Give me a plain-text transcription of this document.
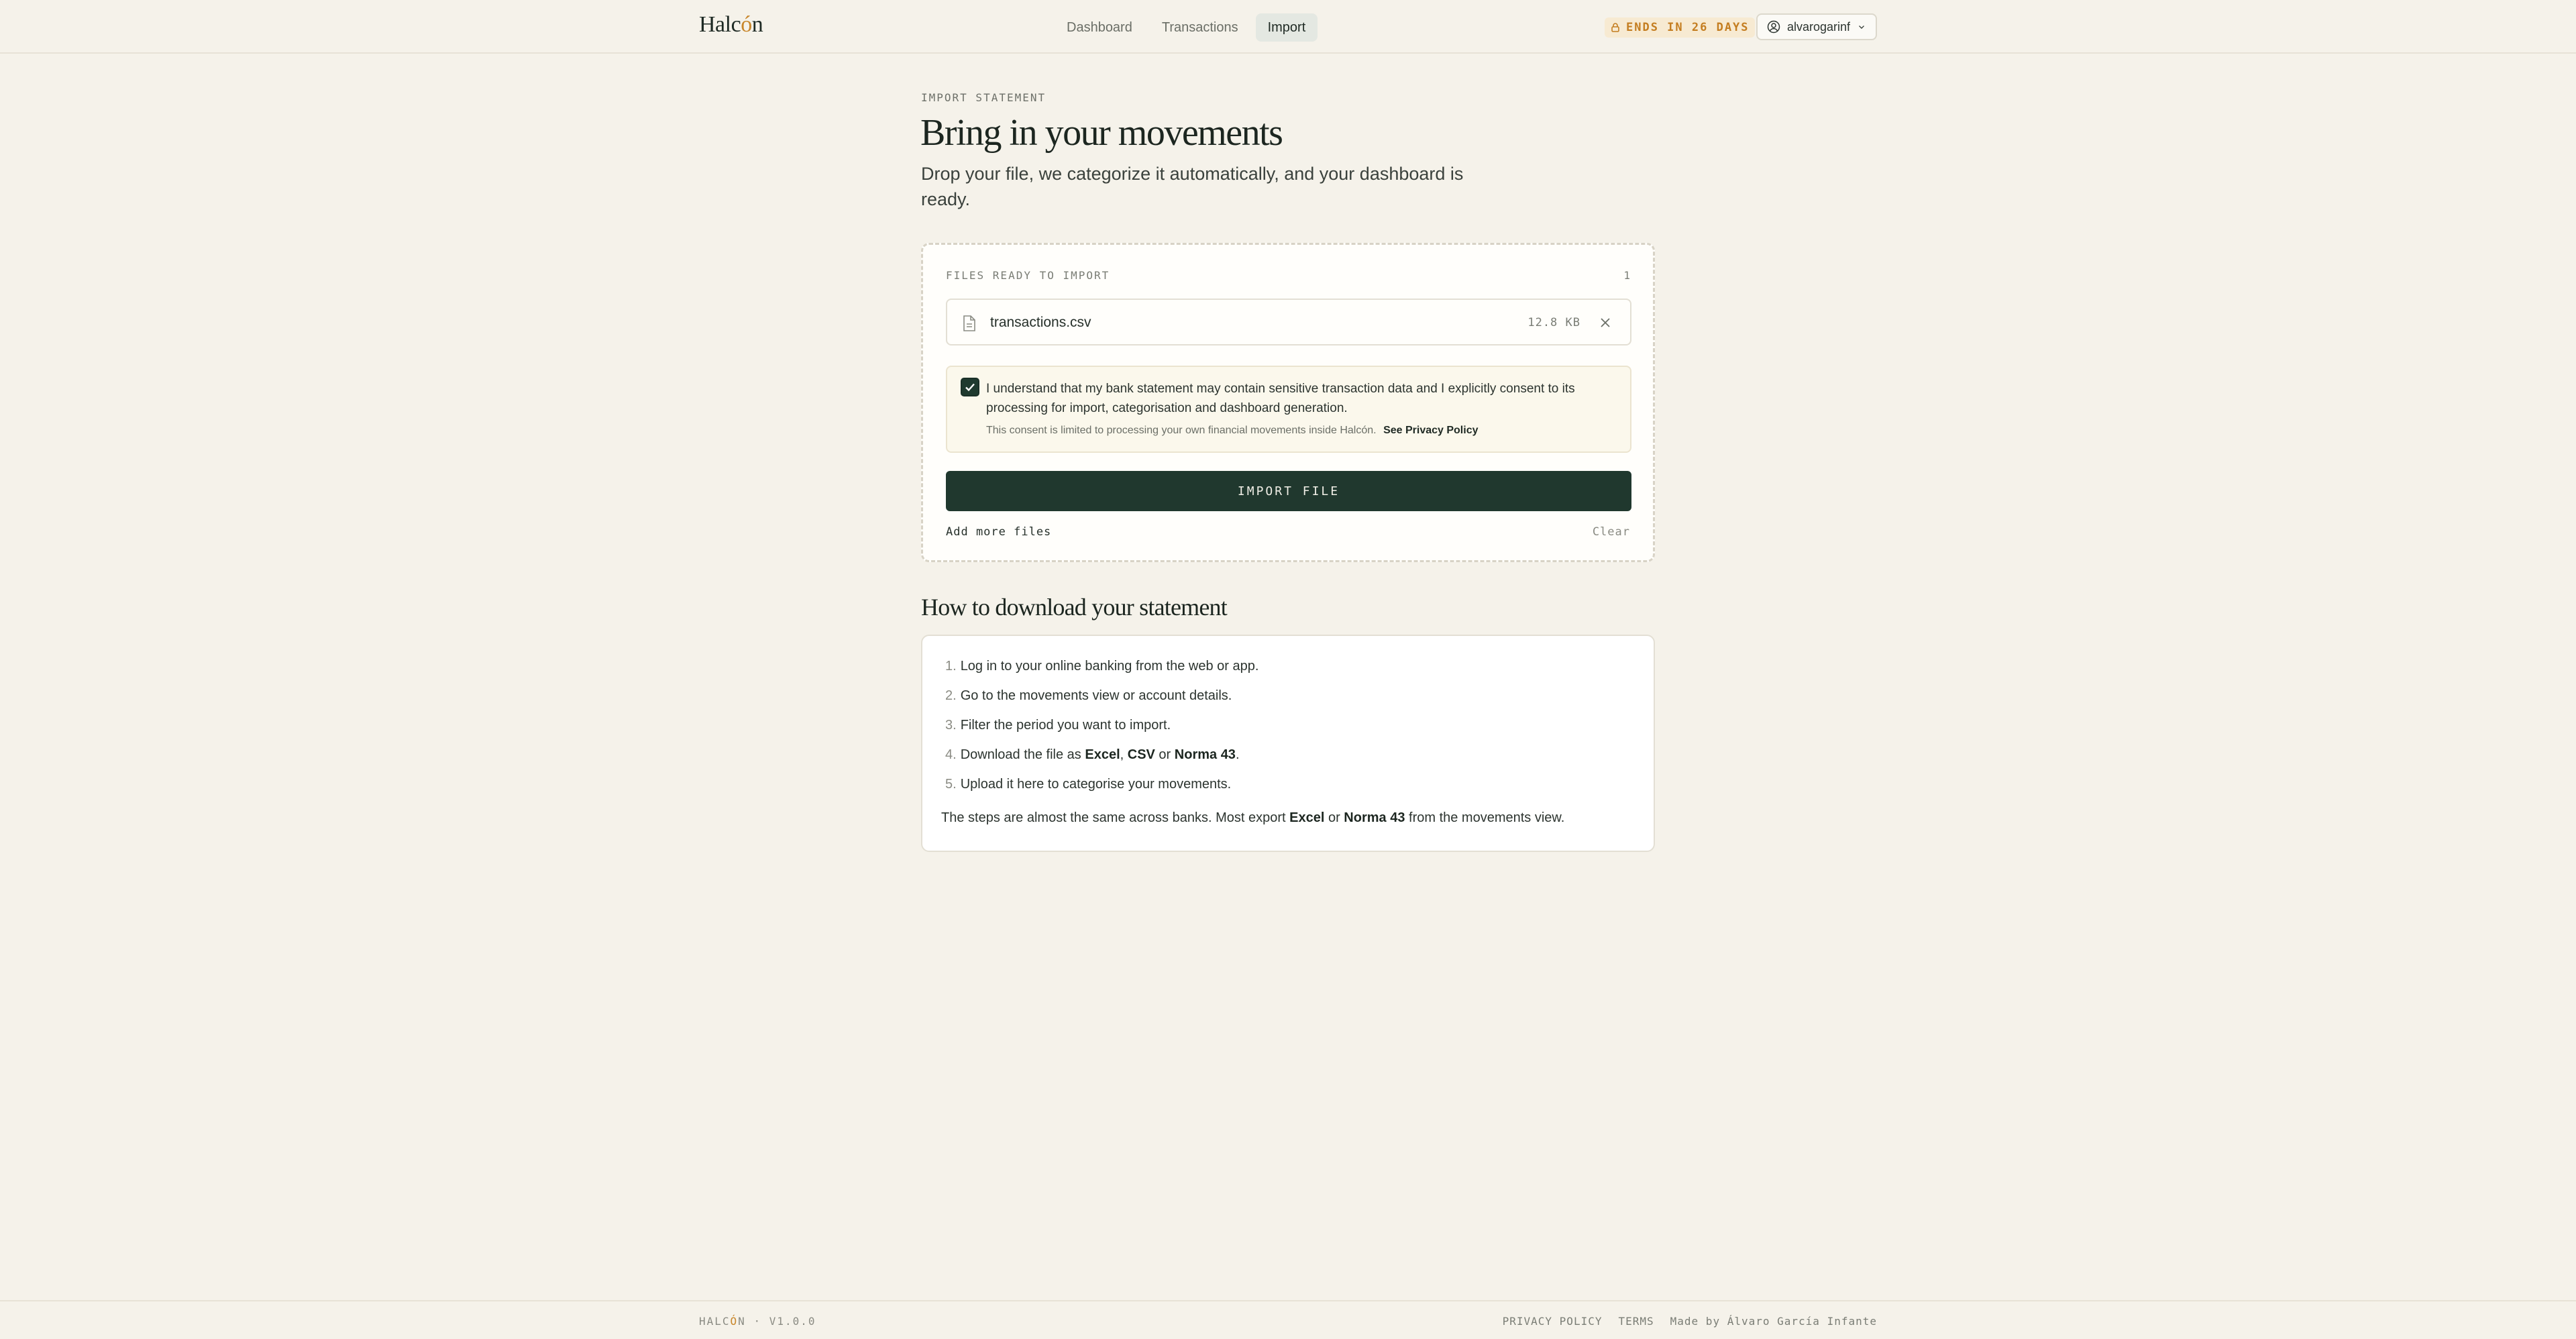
Halcón	Dashboard	Transactions	Import	ENDS IN 26 DAYS	alvarogarinf
IMPORT STATEMENT
Bring in your movements
Drop your file, we categorize it automatically, and your dashboard is ready.
FILES READY TO IMPORT	1
transactions.csv	12.8 KB
I understand that my bank statement may contain sensitive transaction data and I explicitly consent to its processing for import, categorisation and dashboard generation.
This consent is limited to processing your own financial movements inside Halcón. See Privacy Policy
IMPORT FILE
Add more files	Clear
How to download your statement
1. Log in to your online banking from the web or app.
2. Go to the movements view or account details.
3. Filter the period you want to import.
4. Download the file as Excel, CSV or Norma 43.
5. Upload it here to categorise your movements.
The steps are almost the same across banks. Most export Excel or Norma 43 from the movements view.
HALCÓN · V1.0.0	PRIVACY POLICY TERMS Made by Álvaro García Infante
